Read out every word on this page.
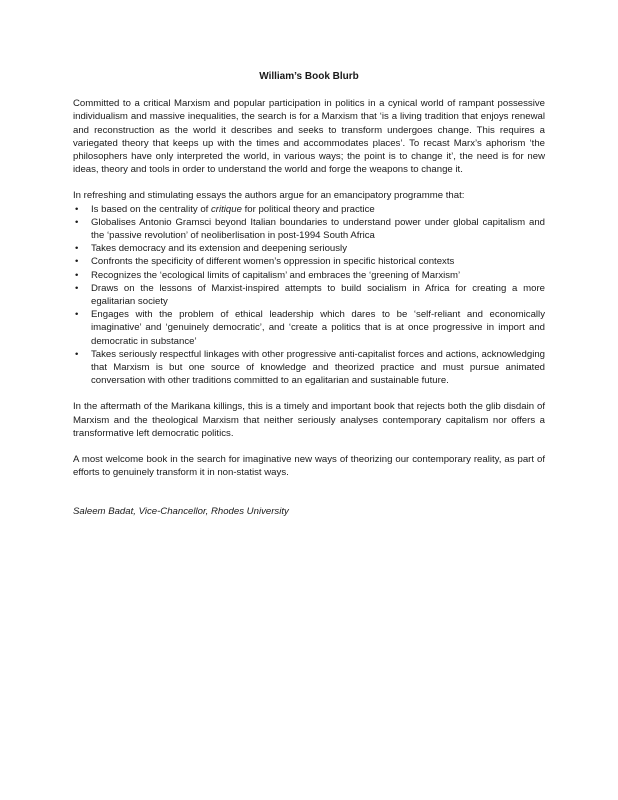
William’s Book Blurb

Committed to a critical Marxism and popular participation in politics in a cynical world of rampant possessive individualism and massive inequalities, the search is for a Marxism that ‘is a living tradition that enjoys renewal and reconstruction as the world it describes and seeks to transform undergoes change. This requires a variegated theory that keeps up with the times and accommodates places’. To recast Marx’s aphorism ‘the philosophers have only interpreted the world, in various ways; the point is to change it’, the need is for new ideas, theory and tools in order to understand the world and forge the weapons to change it.

In refreshing and stimulating essays the authors argue for an emancipatory programme that:

• Is based on the centrality of critique for political theory and practice
• Globalises Antonio Gramsci beyond Italian boundaries to understand power under global capitalism and the ‘passive revolution’ of neoliberlisation in post-1994 South Africa
• Takes democracy and its extension and deepening seriously
• Confronts the specificity of different women’s oppression in specific historical contexts
• Recognizes the ‘ecological limits of capitalism’ and embraces the ‘greening of Marxism’
• Draws on the lessons of Marxist-inspired attempts to build socialism in Africa for creating a more egalitarian society
• Engages with the problem of ethical leadership which dares to be ‘self-reliant and economically imaginative’ and ‘genuinely democratic’, and ‘create a politics that is at once progressive in import and democratic in substance’
• Takes seriously respectful linkages with other progressive anti-capitalist forces and actions, acknowledging that Marxism is but one source of knowledge and theorized practice and must pursue animated conversation with other traditions committed to an egalitarian and sustainable future.

In the aftermath of the Marikana killings, this is a timely and important book that rejects both the glib disdain of Marxism and the theological Marxism that neither seriously analyses contemporary capitalism nor offers a transformative left democratic politics.

A most welcome book in the search for imaginative new ways of theorizing our contemporary reality, as part of efforts to genuinely transform it in non-statist ways.

Saleem Badat, Vice-Chancellor, Rhodes University
